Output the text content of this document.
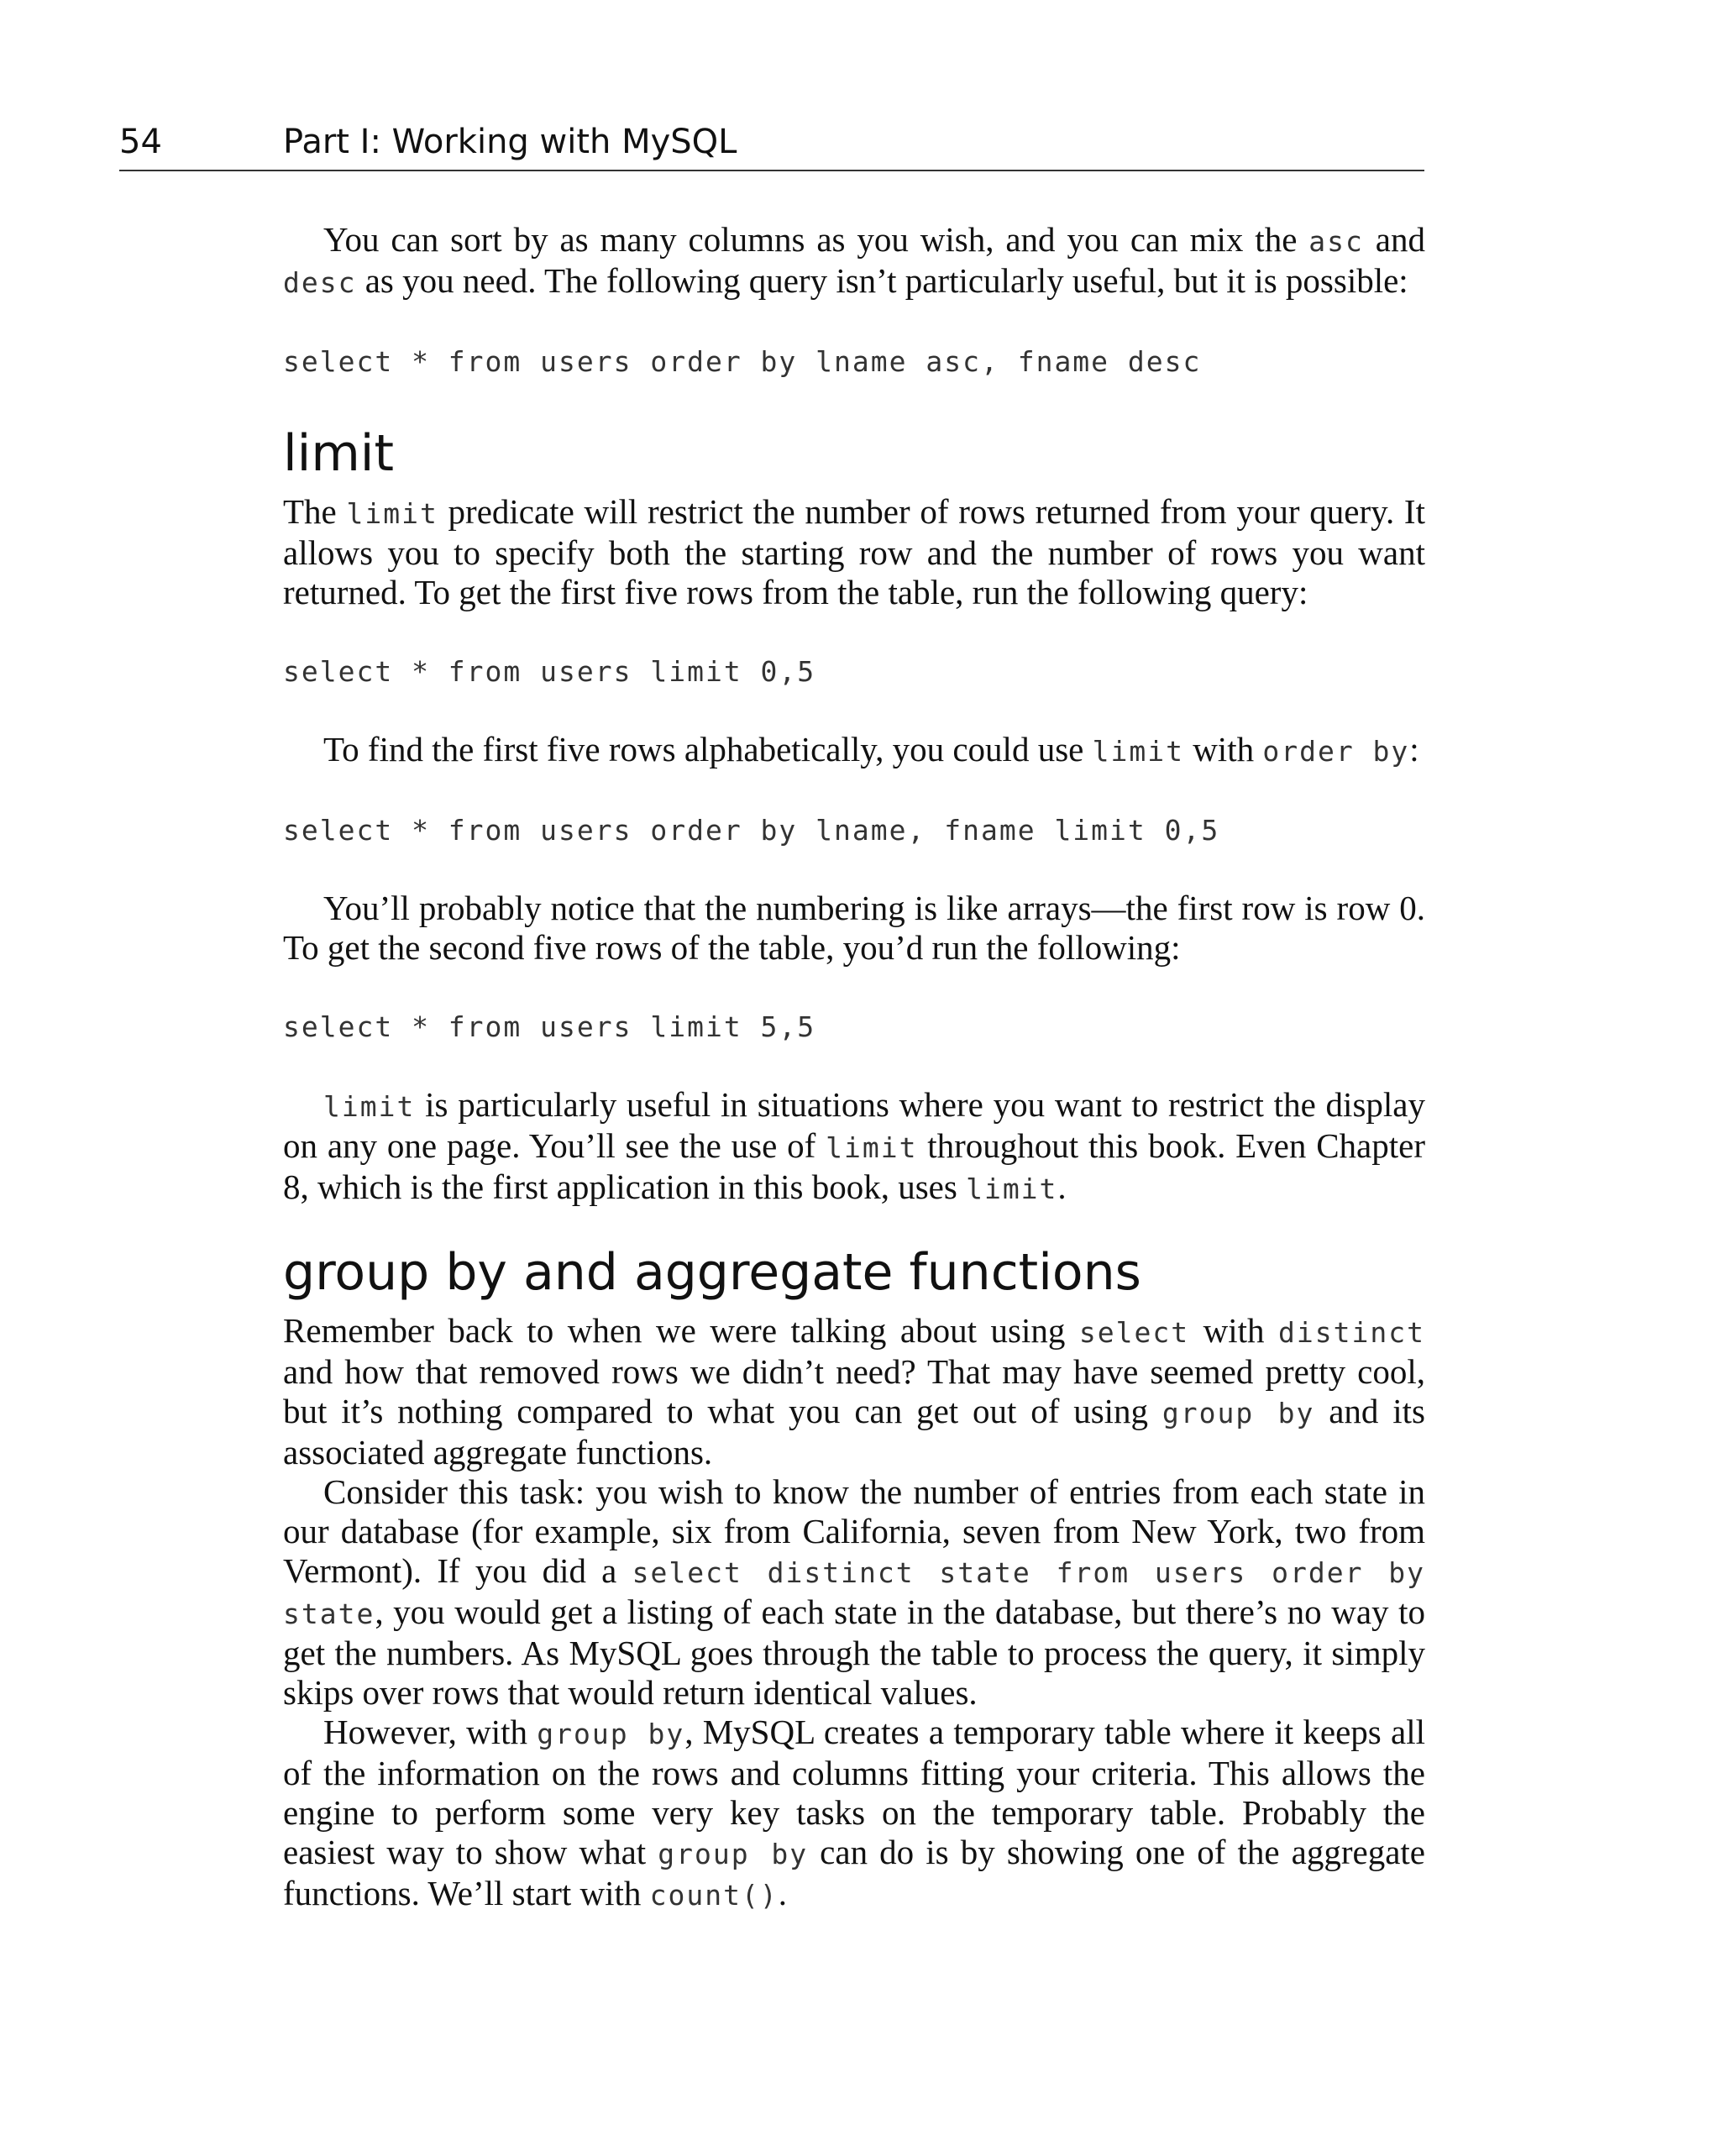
54	Part I: Working with MySQL

You can sort by as many columns as you wish, and you can mix the asc and desc as you need. The following query isn’t particularly useful, but it is possible:

select * from users order by lname asc, fname desc
limit

The limit predicate will restrict the number of rows returned from your query. It allows you to specify both the starting row and the number of rows you want returned. To get the first five rows from the table, run the following query:

select * from users limit 0,5

To find the first five rows alphabetically, you could use limit with order by:

select * from users order by lname, fname limit 0,5

You’ll probably notice that the numbering is like arrays—the first row is row 0. To get the second five rows of the table, you’d run the following:

select * from users limit 5,5

limit is particularly useful in situations where you want to restrict the display on any one page. You’ll see the use of limit throughout this book. Even Chapter 8, which is the first application in this book, uses limit.

group by and aggregate functions

Remember back to when we were talking about using select with distinct and how that removed rows we didn’t need? That may have seemed pretty cool, but it’s nothing compared to what you can get out of using group by and its associated aggregate functions.

Consider this task: you wish to know the number of entries from each state in our database (for example, six from California, seven from New York, two from Vermont). If you did a select distinct state from users order by state, you would get a listing of each state in the database, but there’s no way to get the numbers. As MySQL goes through the table to process the query, it simply skips over rows that would return identical values.

However, with group by, MySQL creates a temporary table where it keeps all of the information on the rows and columns fitting your criteria. This allows the engine to perform some very key tasks on the temporary table. Probably the easiest way to show what group by can do is by showing one of the aggregate functions. We’ll start with count().
